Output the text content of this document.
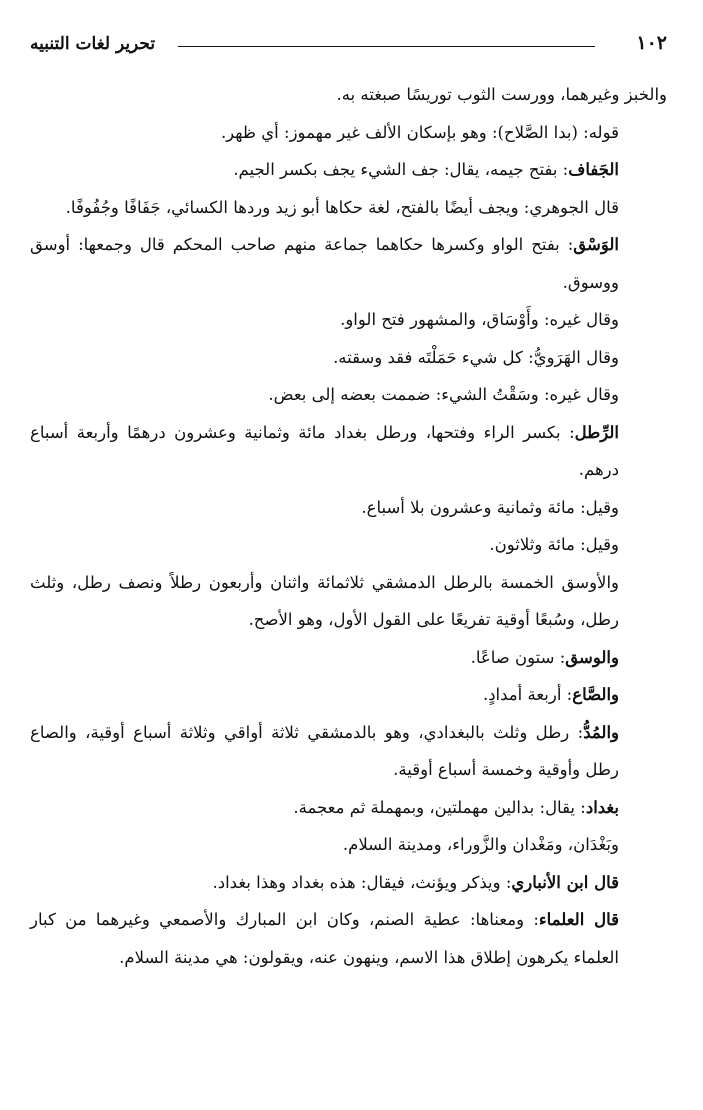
تحرير لغات التنبيه	١٠٢

والخبز وغيرهما، وورست الثوب توريسًا صبغته به.

قوله: (بدا الصَّلاح): وهو بإسكان الألف غير مهموز: أي ظهر.

الجَفاف: بفتح جيمه، يقال: جف الشيء يجف بكسر الجيم.

قال الجوهري: ويجف أيضًا بالفتح، لغة حكاها أبو زيد وردها الكسائي، جَفَافًا وجُفُوفًا.

الوَسْق: بفتح الواو وكسرها حكاهما جماعة منهم صاحب المحكم قال وجمعها: أوسق ووسوق.

وقال غيره: وأَوْسَاق، والمشهور فتح الواو.

وقال الهَرَويُّ: كل شيء حَمَلْتَه فقد وسقته.

وقال غيره: وسَقْتُ الشيء: ضممت بعضه إلى بعض.

الرِّطل: بكسر الراء وفتحها، ورطل بغداد مائة وثمانية وعشرون درهمًا وأربعة أسباع درهم.

وقيل: مائة وثمانية وعشرون بلا أسباع.

وقيل: مائة وثلاثون.

والأوسق الخمسة بالرطل الدمشقي ثلاثمائة واثنان وأربعون رطلاً ونصف رطل، وثلث رطل، وسُبعًا أوقية تفريعًا على القول الأول، وهو الأصح.

والوسق: ستون صاعًا.

والصَّاع: أربعة أمدادٍ.

والمُدُّ: رطل وثلث بالبغدادي، وهو بالدمشقي ثلاثة أواقي وثلاثة أسباع أوقية، والصاع رطل وأوقية وخمسة أسباع أوقية.

بغداد: يقال: بدالين مهملتين، وبمهملة ثم معجمة.

وبَغْدَان، ومَغْدان والزَّوراء، ومدينة السلام.

قال ابن الأنباري: ويذكر ويؤنث، فيقال: هذه بغداد وهذا بغداد.

قال العلماء: ومعناها: عطية الصنم، وكان ابن المبارك والأصمعي وغيرهما من كبار العلماء يكرهون إطلاق هذا الاسم، وينهون عنه، ويقولون: هي مدينة السلام.
